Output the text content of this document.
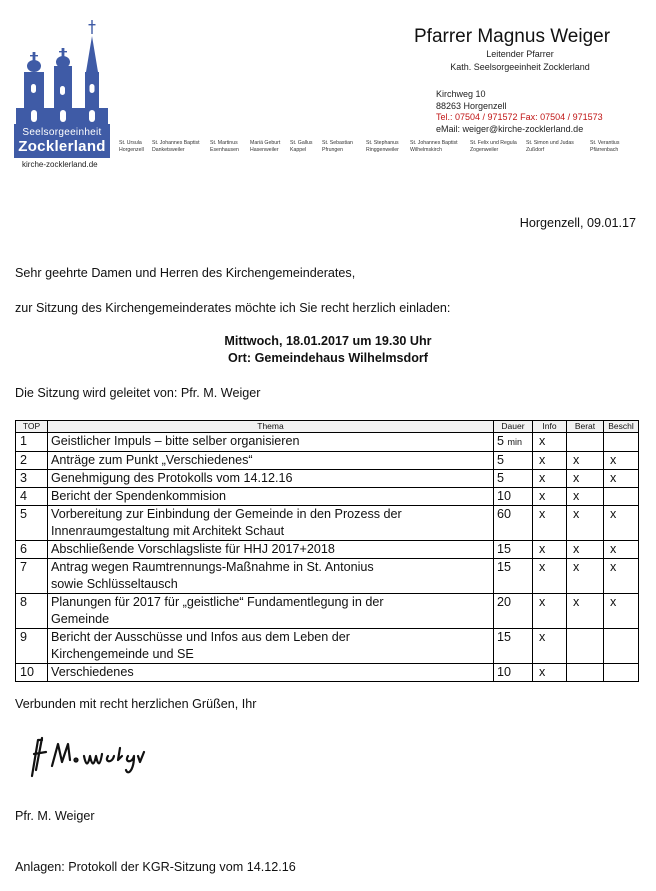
Seelsorgeeinheit
Zocklerland
kirche-zocklerland.de
St. Ursula
Horgenzell
St. Johannes Baptist
Danketsweiler
St. Martinus
Esenhausen
Mariä Geburt
Hasenweiler
St. Gallus
Kappel
St. Sebastian
Pfrungen
St. Stephanus
Ringgenweiler
St. Johannes Baptist
Wilhelmskirch
St. Felix und Regula
Zogenweiler
St. Simon und Judas
Zußdorf
St. Verantius
Pfärrenbach
Pfarrer Magnus Weiger
Leitender Pfarrer
Kath. Seelsorgeeinheit Zocklerland
Kirchweg 10
88263 Horgenzell
Tel.: 07504 / 971572 Fax: 07504 / 971573
eMail: weiger@kirche-zocklerland.de
Horgenzell, 09.01.17
Sehr geehrte Damen und Herren des Kirchengemeinderates,
zur Sitzung des Kirchengemeinderates möchte ich Sie recht herzlich einladen:
Mittwoch, 18.01.2017 um 19.30 Uhr
Ort: Gemeindehaus Wilhelmsdorf
Die Sitzung wird geleitet von: Pfr. M. Weiger
TOP	Thema	Dauer	Info	Berat	Beschl
1	Geistlicher Impuls – bitte selber organisieren	5 min	x		
2	Anträge zum Punkt „Verschiedenes“	5	x	x	x
3	Genehmigung des Protokolls vom 14.12.16	5	x	x	x
4	Bericht der Spendenkommision	10	x	x	
5	Vorbereitung zur Einbindung der Gemeinde in den Prozess der
Innenraumgestaltung mit Architekt Schaut	60	x	x	x
6	Abschließende Vorschlagsliste für HHJ 2017+2018	15	x	x	x
7	Antrag wegen Raumtrennungs-Maßnahme in St. Antonius
sowie Schlüsseltausch	15	x	x	x
8	Planungen für 2017 für „geistliche“ Fundamentlegung in der
Gemeinde	20	x	x	x
9	Bericht der Ausschüsse und Infos aus dem Leben der
Kirchengemeinde und SE	15	x		
10	Verschiedenes	10	x		
Verbunden mit recht herzlichen Grüßen, Ihr
Pfr. M. Weiger
Anlagen: Protokoll der KGR-Sitzung vom 14.12.16
